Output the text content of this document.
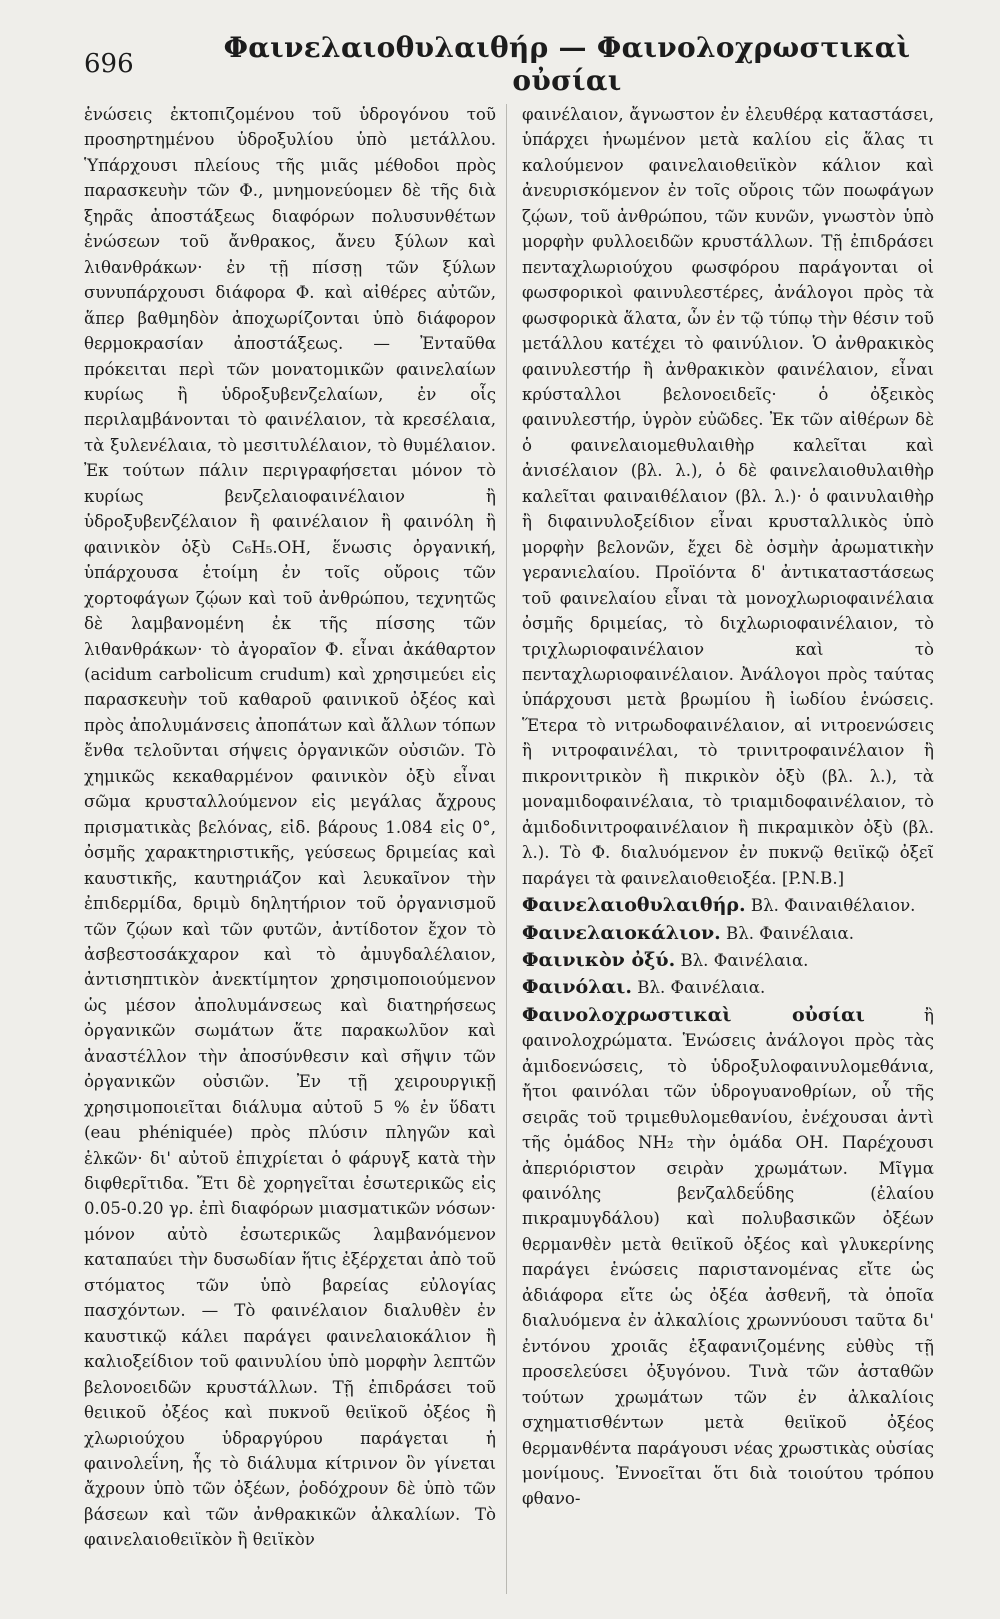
696	Φαινελαιοθυλαιθήρ — Φαινολοχρωστικαὶ οὐσίαι

ἑνώσεις ἐκτοπιζομένου τοῦ ὑδρογόνου τοῦ προσηρτημένου ὑδροξυλίου ὑπὸ μετάλλου. Ὑπάρχουσι πλείους τῆς μιᾶς μέθοδοι πρὸς παρασκευὴν τῶν Φ., μνημονεύομεν δὲ τῆς διὰ ξηρᾶς ἀποστάξεως διαφόρων πολυσυνθέτων ἑνώσεων τοῦ ἄνθρακος, ἄνευ ξύλων καὶ λιθανθράκων· ἐν τῇ πίσσῃ τῶν ξύλων συνυπάρχουσι διάφορα Φ. καὶ αἰθέρες αὐτῶν, ἅπερ βαθμηδὸν ἀποχωρίζονται ὑπὸ διάφορον θερμοκρασίαν ἀποστάξεως. — Ἐνταῦθα πρόκειται περὶ τῶν μονατομικῶν φαινελαίων κυρίως ἢ ὑδροξυβενζελαίων, ἐν οἷς περιλαμβάνονται τὸ φαινέλαιον, τὰ κρεσέλαια, τὰ ξυλενέλαια, τὸ μεσιτυλέλαιον, τὸ θυμέλαιον. Ἐκ τούτων πάλιν περιγραφήσεται μόνον τὸ κυρίως βενζελαιοφαινέλαιον ἢ ὑδροξυβενζέλαιον ἢ φαινέλαιον ἢ φαινόλη ἢ φαινικὸν ὀξὺ C₆H₅.OH, ἕνωσις ὀργανική, ὑπάρχουσα ἑτοίμη ἐν τοῖς οὔροις τῶν χορτοφάγων ζῴων καὶ τοῦ ἀνθρώπου, τεχνητῶς δὲ λαμβανομένη ἐκ τῆς πίσσης τῶν λιθανθράκων· τὸ ἀγοραῖον Φ. εἶναι ἀκάθαρτον (acidum carbolicum crudum) καὶ χρησιμεύει εἰς παρασκευὴν τοῦ καθαροῦ φαινικοῦ ὀξέος καὶ πρὸς ἀπολυμάνσεις ἀποπάτων καὶ ἄλλων τόπων ἔνθα τελοῦνται σήψεις ὀργανικῶν οὐσιῶν. Τὸ χημικῶς κεκαθαρμένον φαινικὸν ὀξὺ εἶναι σῶμα κρυσταλλούμενον εἰς μεγάλας ἄχρους πρισματικὰς βελόνας, εἰδ. βάρους 1.084 εἰς 0°, ὀσμῆς χαρακτηριστικῆς, γεύσεως δριμείας καὶ καυστικῆς, καυτηριάζον καὶ λευκαῖνον τὴν ἐπιδερμίδα, δριμὺ δηλητήριον τοῦ ὀργανισμοῦ τῶν ζῴων καὶ τῶν φυτῶν, ἀντίδοτον ἔχον τὸ ἀσβεστοσάκχαρον καὶ τὸ ἀμυγδαλέλαιον, ἀντισηπτικὸν ἀνεκτίμητον χρησιμοποιούμενον ὡς μέσον ἀπολυμάνσεως καὶ διατηρήσεως ὀργανικῶν σωμάτων ἅτε παρακωλῦον καὶ ἀναστέλλον τὴν ἀποσύνθεσιν καὶ σῆψιν τῶν ὀργανικῶν οὐσιῶν. Ἐν τῇ χειρουργικῇ χρησιμοποιεῖται διάλυμα αὐτοῦ 5 % ἐν ὕδατι (eau phéniquée) πρὸς πλύσιν πληγῶν καὶ ἑλκῶν· δι' αὐτοῦ ἐπιχρίεται ὁ φάρυγξ κατὰ τὴν διφθερῖτιδα. Ἔτι δὲ χορηγεῖται ἐσωτερικῶς εἰς 0.05-0.20 γρ. ἐπὶ διαφόρων μιασματικῶν νόσων· μόνον αὐτὸ ἐσωτερικῶς λαμβανόμενον καταπαύει τὴν δυσωδίαν ἥτις ἐξέρχεται ἀπὸ τοῦ στόματος τῶν ὑπὸ βαρείας εὐλογίας πασχόντων. — Τὸ φαινέλαιον διαλυθὲν ἐν καυστικῷ κάλει παράγει φαινελαιοκάλιον ἢ καλιοξείδιον τοῦ φαινυλίου ὑπὸ μορφὴν λεπτῶν βελονοειδῶν κρυστάλλων. Τῇ ἐπιδράσει τοῦ θειικοῦ ὀξέος καὶ πυκνοῦ θειϊκοῦ ὀξέος ἢ χλωριούχου ὑδραργύρου παράγεται ἡ φαινολεΐνη, ἧς τὸ διάλυμα κίτρινον ὃν γίνεται ἄχρουν ὑπὸ τῶν ὀξέων, ῥοδόχρουν δὲ ὑπὸ τῶν βάσεων καὶ τῶν ἀνθρακικῶν ἀλκαλίων. Τὸ φαινελαιοθειϊκὸν ἢ θειϊκὸν

φαινέλαιον, ἄγνωστον ἐν ἐλευθέρᾳ καταστάσει, ὑπάρχει ἡνωμένον μετὰ καλίου εἰς ἅλας τι καλούμενον φαινελαιοθειϊκὸν κάλιον καὶ ἀνευρισκόμενον ἐν τοῖς οὔροις τῶν ποωφάγων ζῴων, τοῦ ἀνθρώπου, τῶν κυνῶν, γνωστὸν ὑπὸ μορφὴν φυλλοειδῶν κρυστάλλων. Τῇ ἐπιδράσει πενταχλωριούχου φωσφόρου παράγονται οἱ φωσφορικοὶ φαινυλεστέρες, ἀνάλογοι πρὸς τὰ φωσφορικὰ ἅλατα, ὧν ἐν τῷ τύπῳ τὴν θέσιν τοῦ μετάλλου κατέχει τὸ φαινύλιον. Ὁ ἀνθρακικὸς φαινυλεστήρ ἢ ἀνθρακικὸν φαινέλαιον, εἶναι κρύσταλλοι βελονοειδεῖς· ὁ ὀξεικὸς φαινυλεστήρ, ὑγρὸν εὐῶδες. Ἐκ τῶν αἰθέρων δὲ ὁ φαινελαιομεθυλαιθὴρ καλεῖται καὶ ἀνισέλαιον (βλ. λ.), ὁ δὲ φαινελαιοθυλαιθὴρ καλεῖται φαιναιθέλαιον (βλ. λ.)· ὁ φαινυλαιθὴρ ἢ διφαινυλοξείδιον εἶναι κρυσταλλικὸς ὑπὸ μορφὴν βελονῶν, ἔχει δὲ ὀσμὴν ἀρωματικὴν γερανιελαίου. Προϊόντα δ' ἀντικαταστάσεως τοῦ φαινελαίου εἶναι τὰ μονοχλωριοφαινέλαια ὀσμῆς δριμείας, τὸ διχλωριοφαινέλαιον, τὸ τριχλωριοφαινέλαιον καὶ τὸ πενταχλωριοφαινέλαιον. Ἀνάλογοι πρὸς ταύτας ὑπάρχουσι μετὰ βρωμίου ἢ ἰωδίου ἑνώσεις. Ἕτερα τὸ νιτρωδοφαινέλαιον, αἱ νιτροενώσεις ἢ νιτροφαινέλαι, τὸ τρινιτροφαινέλαιον ἢ πικρονιτρικὸν ἢ πικρικὸν ὀξὺ (βλ. λ.), τὰ μοναμιδοφαινέλαια, τὸ τριαμιδοφαινέλαιον, τὸ ἀμιδοδινιτροφαινέλαιον ἢ πικραμικὸν ὀξὺ (βλ. λ.). Τὸ Φ. διαλυόμενον ἐν πυκνῷ θειϊκῷ ὀξεῖ παράγει τὰ φαινελαιοθειοξέα. [P.N.B.]

Φαινελαιοθυλαιθήρ. Βλ. Φαιναιθέλαιον.

Φαινελαιοκάλιον. Βλ. Φαινέλαια.

Φαινικὸν ὀξύ. Βλ. Φαινέλαια.

Φαινόλαι. Βλ. Φαινέλαια.

Φαινολοχρωστικαὶ οὐσίαι ἢ φαινολοχρώματα. Ἑνώσεις ἀνάλογοι πρὸς τὰς ἀμιδοενώσεις, τὸ ὑδροξυλοφαινυλομεθάνια, ἤτοι φαινόλαι τῶν ὑδρογυανοθρίων, οὗ τῆς σειρᾶς τοῦ τριμεθυλομεθανίου, ἐνέχουσαι ἀντὶ τῆς ὁμάδος NH₂ τὴν ὁμάδα OH. Παρέχουσι ἀπεριόριστον σειρὰν χρωμάτων. Μῖγμα φαινόλης βενζαλδεΰδης (ἐλαίου πικραμυγδάλου) καὶ πολυβασικῶν ὀξέων θερμανθὲν μετὰ θειϊκοῦ ὀξέος καὶ γλυκερίνης παράγει ἑνώσεις παριστανομένας εἴτε ὡς ἀδιάφορα εἴτε ὡς ὀξέα ἀσθενῆ, τὰ ὁποῖα διαλυόμενα ἐν ἀλκαλίοις χρωννύουσι ταῦτα δι' ἐντόνου χροιᾶς ἐξαφανιζομένης εὐθὺς τῇ προσελεύσει ὀξυγόνου. Τινὰ τῶν ἀσταθῶν τούτων χρωμάτων τῶν ἐν ἀλκαλίοις σχηματισθέντων μετὰ θειϊκοῦ ὀξέος θερμανθέντα παράγουσι νέας χρωστικὰς οὐσίας μονίμους. Ἐννοεῖται ὅτι διὰ τοιούτου τρόπου φθανο-
